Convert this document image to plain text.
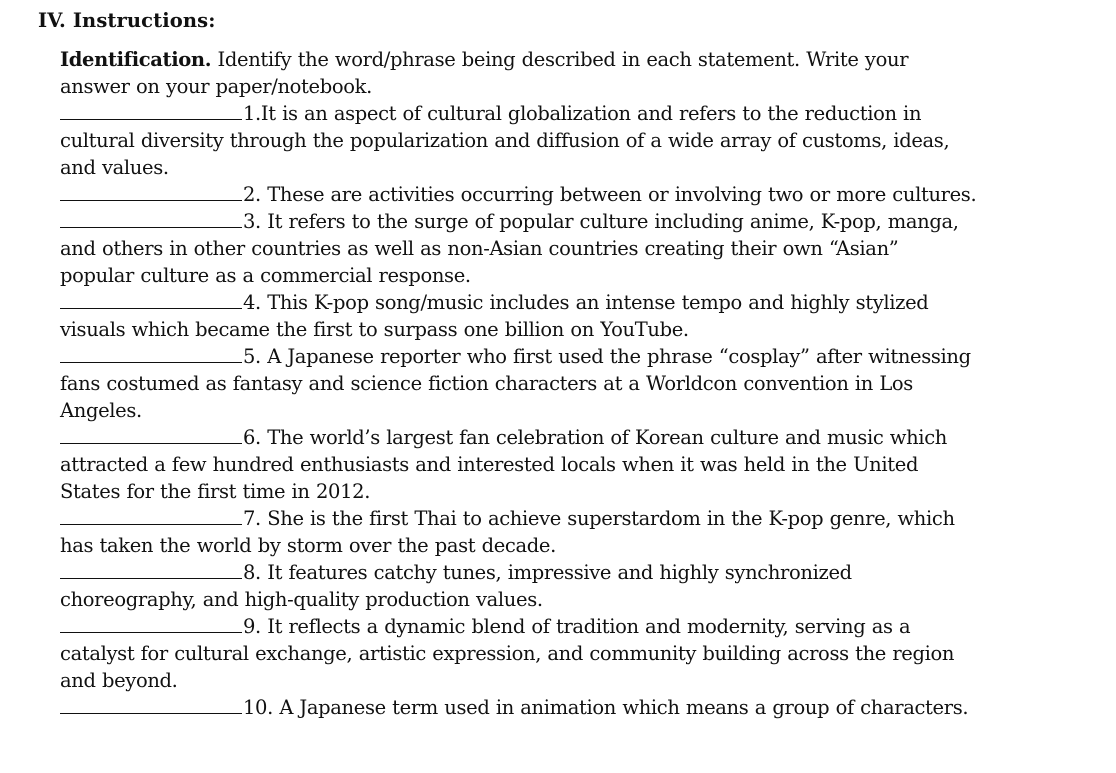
IV. Instructions:
Identification. Identify the word/phrase being described in each statement. Write your
answer on your paper/notebook.
1.It is an aspect of cultural globalization and refers to the reduction in
cultural diversity through the popularization and diffusion of a wide array of customs, ideas,
and values.
2. These are activities occurring between or involving two or more cultures.
3. It refers to the surge of popular culture including anime, K-pop, manga,
and others in other countries as well as non-Asian countries creating their own “Asian”
popular culture as a commercial response.
4. This K-pop song/music includes an intense tempo and highly stylized
visuals which became the first to surpass one billion on YouTube.
5. A Japanese reporter who first used the phrase “cosplay” after witnessing
fans costumed as fantasy and science fiction characters at a Worldcon convention in Los
Angeles.
6. The world’s largest fan celebration of Korean culture and music which
attracted a few hundred enthusiasts and interested locals when it was held in the United
States for the first time in 2012.
7. She is the first Thai to achieve superstardom in the K-pop genre, which
has taken the world by storm over the past decade.
8. It features catchy tunes, impressive and highly synchronized
choreography, and high-quality production values.
9. It reflects a dynamic blend of tradition and modernity, serving as a
catalyst for cultural exchange, artistic expression, and community building across the region
and beyond.
10. A Japanese term used in animation which means a group of characters.
